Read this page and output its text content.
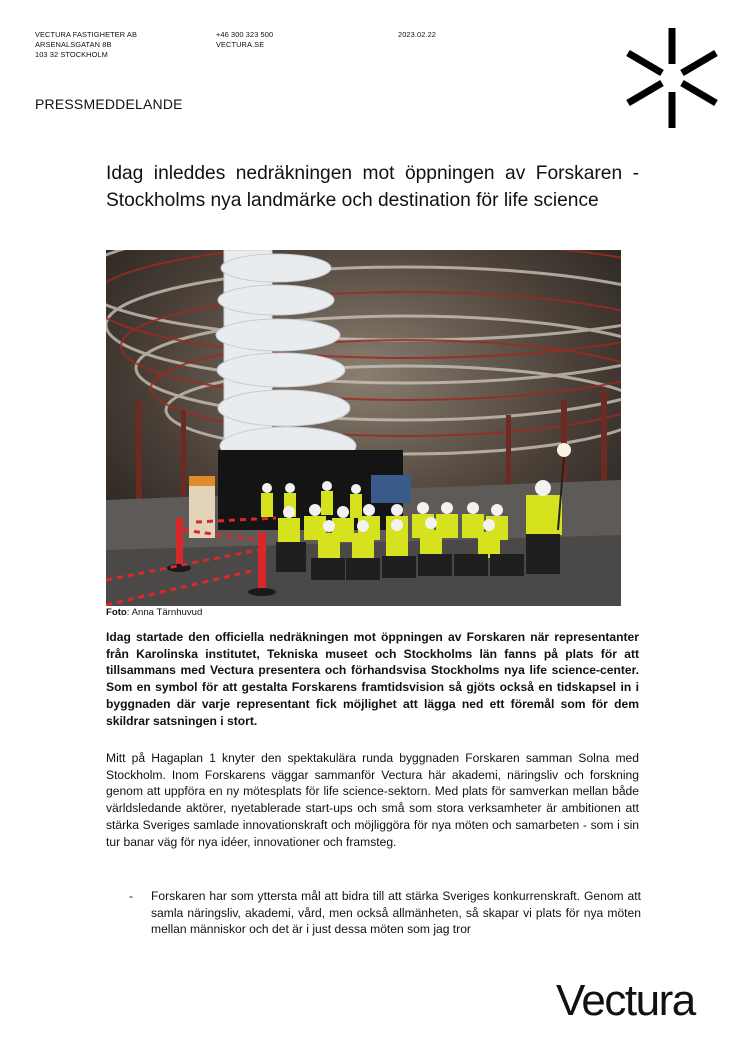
VECTURA FASTIGHETER AB
ARSENALSGATAN 8B
103 32 STOCKHOLM
+46 300 323 500
VECTURA.SE
2023.02.22
PRESSMEDDELANDE
Idag inleddes nedräkningen mot öppningen av Forskaren - Stockholms nya landmärke och destination för life science
Foto: Anna Tärnhuvud

Idag startade den officiella nedräkningen mot öppningen av Forskaren när representanter från Karolinska institutet, Tekniska museet och Stockholms län fanns på plats för att tillsammans med Vectura presentera och förhandsvisa Stockholms nya life science-center. Som en symbol för att gestalta Forskarens framtidsvision så gjöts också en tidskapsel in i byggnaden där varje representant fick möjlighet att lägga ned ett föremål som för dem skildrar satsningen i stort.

Mitt på Hagaplan 1 knyter den spektakulära runda byggnaden Forskaren samman Solna med Stockholm. Inom Forskarens väggar sammanför Vectura här akademi, näringsliv och forskning genom att uppföra en ny mötesplats för life science-sektorn. Med plats för samverkan mellan både världsledande aktörer, nyetablerade start-ups och små som stora verksamheter är ambitionen att stärka Sveriges samlade innovationskraft och möjliggöra för nya möten och samarbeten - som i sin tur banar väg för nya idéer, innovationer och framsteg.

- Forskaren har som yttersta mål att bidra till att stärka Sveriges konkurrenskraft. Genom att samla näringsliv, akademi, vård, men också allmänheten, så skapar vi plats för nya möten mellan människor och det är i just dessa möten som jag tror
Vectura
